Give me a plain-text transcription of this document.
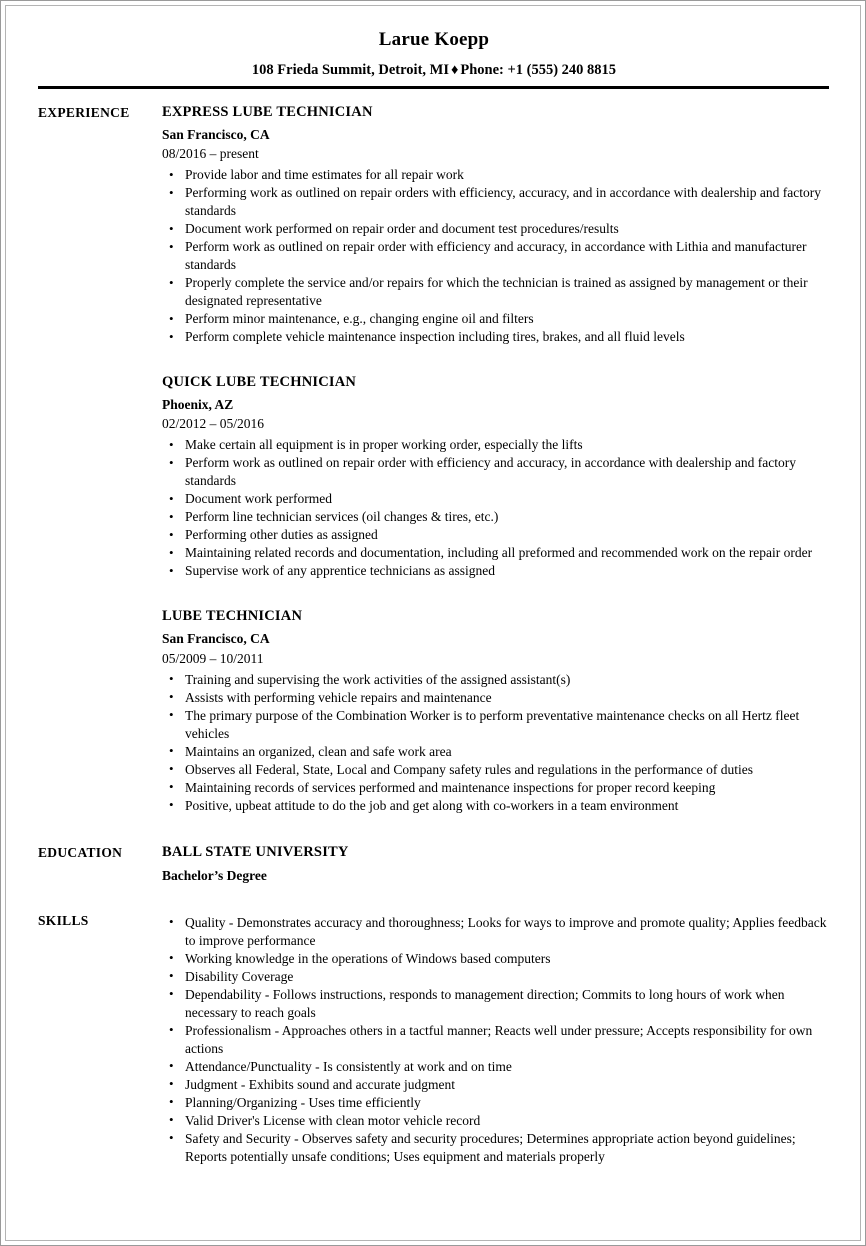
Larue Koepp
108 Frieda Summit, Detroit, MI ♦ Phone: +1 (555) 240 8815
EXPERIENCE	EXPRESS LUBE TECHNICIAN
San Francisco, CA
08/2016 – present
• Provide labor and time estimates for all repair work
• Performing work as outlined on repair orders with efficiency, accuracy, and in accordance with dealership and factory standards
• Document work performed on repair order and document test procedures/results
• Perform work as outlined on repair order with efficiency and accuracy, in accordance with Lithia and manufacturer standards
• Properly complete the service and/or repairs for which the technician is trained as assigned by management or their designated representative
• Perform minor maintenance, e.g., changing engine oil and filters
• Perform complete vehicle maintenance inspection including tires, brakes, and all fluid levels
QUICK LUBE TECHNICIAN
Phoenix, AZ
02/2012 – 05/2016
• Make certain all equipment is in proper working order, especially the lifts
• Perform work as outlined on repair order with efficiency and accuracy, in accordance with dealership and factory standards
• Document work performed
• Perform line technician services (oil changes & tires, etc.)
• Performing other duties as assigned
• Maintaining related records and documentation, including all preformed and recommended work on the repair order
• Supervise work of any apprentice technicians as assigned
LUBE TECHNICIAN
San Francisco, CA
05/2009 – 10/2011
• Training and supervising the work activities of the assigned assistant(s)
• Assists with performing vehicle repairs and maintenance
• The primary purpose of the Combination Worker is to perform preventative maintenance checks on all Hertz fleet vehicles
• Maintains an organized, clean and safe work area
• Observes all Federal, State, Local and Company safety rules and regulations in the performance of duties
• Maintaining records of services performed and maintenance inspections for proper record keeping
• Positive, upbeat attitude to do the job and get along with co-workers in a team environment
EDUCATION	BALL STATE UNIVERSITY
Bachelor’s Degree
SKILLS	• Quality - Demonstrates accuracy and thoroughness; Looks for ways to improve and promote quality; Applies feedback to improve performance
• Working knowledge in the operations of Windows based computers
• Disability Coverage
• Dependability - Follows instructions, responds to management direction; Commits to long hours of work when necessary to reach goals
• Professionalism - Approaches others in a tactful manner; Reacts well under pressure; Accepts responsibility for own actions
• Attendance/Punctuality - Is consistently at work and on time
• Judgment - Exhibits sound and accurate judgment
• Planning/Organizing - Uses time efficiently
• Valid Driver's License with clean motor vehicle record
• Safety and Security - Observes safety and security procedures; Determines appropriate action beyond guidelines; Reports potentially unsafe conditions; Uses equipment and materials properly
